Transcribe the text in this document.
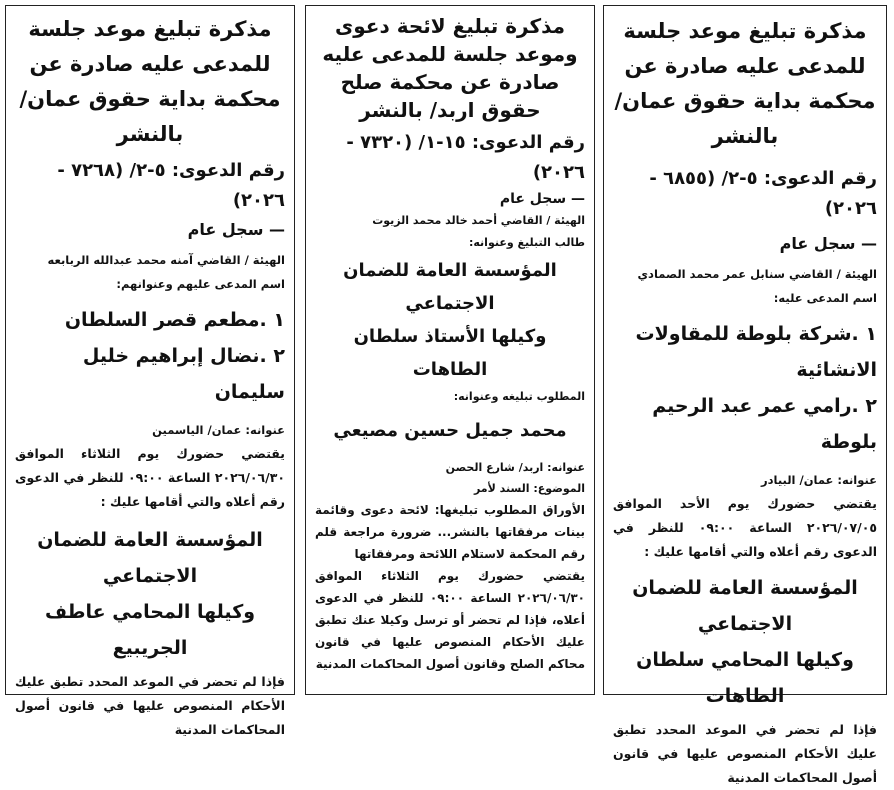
مذكرة تبليغ موعد جلسة للمدعى عليه صادرة عن محكمة بداية حقوق عمان/ بالنشر
رقم الدعوى: ٥-٢/ (٦٨٥٥ - ٢٠٢٦)
— سجل عام
الهيئة / القاضي سنابل عمر محمد الصمادي
اسم المدعى عليه:
١ .شركة بلوطة للمقاولات الانشائية
٢ .رامي عمر عبد الرحيم بلوطة
عنوانه: عمان/ البيادر
يقتضي حضورك يوم الأحد الموافق ٢٠٢٦/٠٧/٠٥ الساعة ٠٩:٠٠ للنظر في الدعوى رقم أعلاه والتي أقامها عليك :
المؤسسة العامة للضمان الاجتماعي
وكيلها المحامي سلطان الطاهات
فإذا لم تحضر في الموعد المحدد تطبق عليك الأحكام المنصوص عليها في قانون أصول المحاكمات المدنية
مذكرة تبليغ لائحة دعوى وموعد جلسة للمدعى عليه صادرة عن محكمة صلح حقوق اربد/ بالنشر
رقم الدعوى: ١٥-١/ (٧٣٢٠ - ٢٠٢٦)
— سجل عام
الهيئة / القاضي أحمد خالد محمد الزيوت
طالب التبليغ وعنوانه:
المؤسسة العامة للضمان الاجتماعي
وكيلها الأستاذ سلطان الطاهات
المطلوب تبليغه وعنوانه:
محمد جميل حسين مصيعي
عنوانه: اربد/ شارع الحصن
الموضوع: السند لأمر
الأوراق المطلوب تبليغها: لائحة دعوى وقائمة بينات مرفقاتها بالنشر... ضرورة مراجعة قلم رقم المحكمة لاستلام اللائحة ومرفقاتها
يقتضي حضورك يوم الثلاثاء الموافق ٢٠٢٦/٠٦/٣٠ الساعة ٠٩:٠٠ للنظر في الدعوى أعلاه، فإذا لم تحضر أو ترسل وكيلا عنك تطبق عليك الأحكام المنصوص عليها في قانون محاكم الصلح وقانون أصول المحاكمات المدنية
مذكرة تبليغ موعد جلسة للمدعى عليه صادرة عن محكمة بداية حقوق عمان/ بالنشر
رقم الدعوى: ٥-٢/ (٧٢٦٨ - ٢٠٢٦)
— سجل عام
الهيئة / القاضي آمنه محمد عبدالله الربابعه
اسم المدعى عليهم وعنوانهم:
١ .مطعم قصر السلطان
٢ .نضال إبراهيم خليل سليمان
عنوانه: عمان/ الياسمين
يقتضي حضورك يوم الثلاثاء الموافق ٢٠٢٦/٠٦/٣٠ الساعة ٠٩:٠٠ للنظر في الدعوى رقم أعلاه والتي أقامها عليك :
المؤسسة العامة للضمان الاجتماعي
وكيلها المحامي عاطف الجريبيع
فإذا لم تحضر في الموعد المحدد تطبق عليك الأحكام المنصوص عليها في قانون أصول المحاكمات المدنية
